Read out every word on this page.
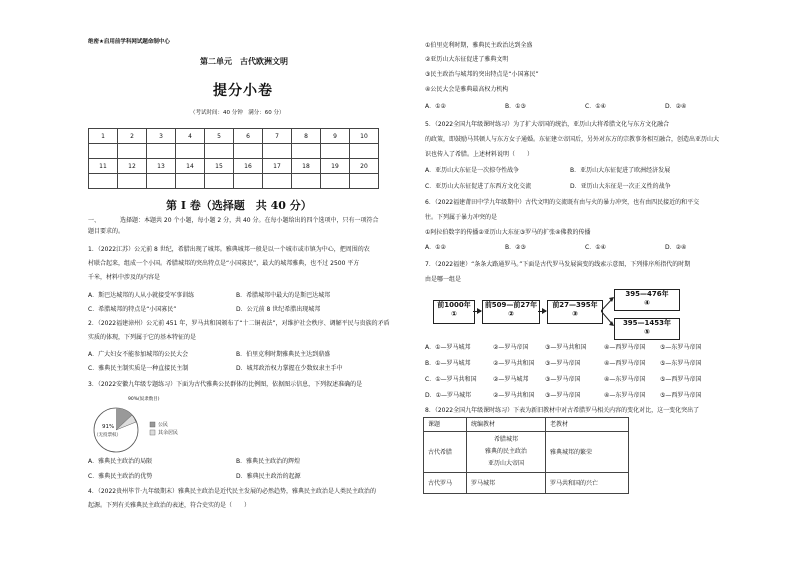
绝密★启用前学科网试题命制中心
第二单元　古代欧洲文明
提分小卷
（考试时间：40 分钟　满分：60 分）
1	2	3	4	5	6	7	8	9	10

11	12	13	14	15	16	17	18	19	20

第 I 卷（选择题　共 40 分）
一、	选择题：本题共 20 个小题，每小题 2 分，共 40 分。在每小题给出的四个选项中，只有一项符合
题目要求的。
1．（2022江苏）公元前 8 世纪，希腊出现了城邦。雅典城邦一般是以一个城市或市镇为中心，把周围的农
村联合起来，组成一个小国。希腊城邦的突出特点是“小国寡民”，最大的城邦雅典，也不过 2500 平方
千米，材料中涉及的内容是
A．斯巴达城邦的人从小就接受军事训练	B．希腊城邦中最大的是斯巴达城邦
C．希腊城邦的特点是“小国寡民”	D．公元前 8 世纪希腊出现城邦
2．（2022福建漳州）公元前 451 年，罗马共和国颁布了“十二铜表法”，对维护社会秩序、调解平民与贵族的矛盾
实质的体现，下列属于它的基本特征的是
A．广大妇女不能参加城邦的公民大会	B．伯里克利时期雅典民主达到鼎盛
C．雅典民主制实质是一种直接民主制	D．城邦政治权力掌握在少数奴隶主手中
3．（2022安徽九年级专题练习）下面为古代雅典公民群体的比例图，依据图示信息，下列叙述准确的是
90%(奴隶数目)
91%
（无投票权）
公民
其余居民
A．雅典民主政治的局限	B．雅典民主政治的辉煌
C．雅典民主政治的优势	D．雅典民主政治的起源
4．（2022贵州毕节·九年级期末）雅典民主政治是近代民主发展的必然趋势，雅典民主政治是人类民主政治的
起源。下列有关雅典民主政治的表述，符合史实的是（　　）
①伯里克利时期，雅典民主政治达到全盛
②亚历山大东征促进了雅典文明
③民主政治与城邦的突出特点是“小国寡民”
④公民大会是雅典最高权力机构
A．①②	B．①③	C．①④	D．②④
5．（2022全国九年级课时练习）为了扩大帝国的统治，亚历山大将希腊文化与东方文化融合
的政策，即鼓励马其顿人与东方女子通婚。东征建立帝国后，另外对东方的宗教事务相互融合，创造出亚历山大
识也传入了希腊。上述材料说明（　　）
A．亚历山大东征是一次掠夺性战争	B．亚历山大东征促进了欧洲经济发展
C．亚历山大东征促进了东西方文化交流	D．亚历山大东征是一次正义性的战争
6．（2022福建莆田中学九年级期中）古代文明的交流既有由与火的暴力冲突，也有由四民接近的和平交
往。下列属于暴力冲突的是
①阿拉伯数字的传播②亚历山大东征③罗马的扩张④佛教的传播
A．①②	B．②③	C．①④	D．②④
7．（2022福建）“条条大路通罗马。”下面是古代罗马发展演变的线索示意图，下列排序所指代的时期
由是哪一组是
前1000年
①
前509—前27年
②
前27—395年
③
395—476年
④
395—1453年
⑤
A．①—罗马城邦	②—罗马帝国	③—罗马共和国	④—西罗马帝国 ⑤—东罗马帝国
B．①—罗马城邦	②—罗马共和国 ③—罗马帝国	④—西罗马帝国 ⑤—东罗马帝国
C．①—罗马共和国	②—罗马城邦	③—罗马帝国	④—东罗马帝国 ⑤—西罗马帝国
D．①—罗马城邦	②—罗马共和国 ③—罗马帝国	④—东罗马帝国 ⑤—西罗马帝国
8．（2022全国九年级课时练习）下表为新旧教材中对古希腊罗马相关内容的变化对比，这一变化突出了
课题	统编教材	老教材
古代希腊	希腊城邦
雅典的民主政治
亚历山大帝国	雅典城邦的繁荣
古代罗马	罗马城邦	罗马共和国的兴亡
